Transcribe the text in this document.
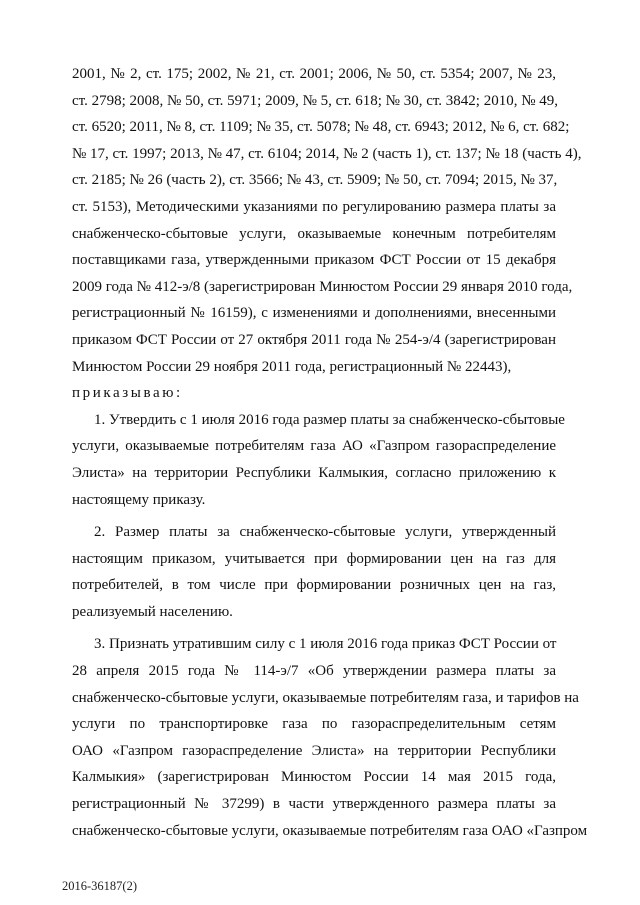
2001, № 2, ст. 175; 2002, № 21, ст. 2001; 2006, № 50, ст. 5354; 2007, № 23,
ст. 2798; 2008, № 50, ст. 5971; 2009, № 5, ст. 618; № 30, ст. 3842; 2010, № 49,
ст. 6520; 2011, № 8, ст. 1109; № 35, ст. 5078; № 48, ст. 6943; 2012, № 6, ст. 682;
№ 17, ст. 1997; 2013, № 47, ст. 6104; 2014, № 2 (часть 1), ст. 137; № 18 (часть 4),
ст. 2185; № 26 (часть 2), ст. 3566; № 43, ст. 5909; № 50, ст. 7094; 2015, № 37,
ст. 5153), Методическими указаниями по регулированию размера платы за
снабженческо-сбытовые услуги, оказываемые конечным потребителям
поставщиками газа, утвержденными приказом ФСТ России от 15 декабря
2009 года № 412-э/8 (зарегистрирован Минюстом России 29 января 2010 года,
регистрационный № 16159), с изменениями и дополнениями, внесенными
приказом ФСТ России от 27 октября 2011 года № 254-э/4 (зарегистрирован
Минюстом России 29 ноября 2011 года, регистрационный № 22443),
приказываю:
1. Утвердить с 1 июля 2016 года размер платы за снабженческо-сбытовые
услуги, оказываемые потребителям газа АО «Газпром газораспределение
Элиста» на территории Республики Калмыкия, согласно приложению к
настоящему приказу.
2. Размер платы за снабженческо-сбытовые услуги, утвержденный
настоящим приказом, учитывается при формировании цен на газ для
потребителей, в том числе при формировании розничных цен на газ,
реализуемый населению.
3. Признать утратившим силу с 1 июля 2016 года приказ ФСТ России от
28 апреля 2015 года № 114-э/7 «Об утверждении размера платы за
снабженческо-сбытовые услуги, оказываемые потребителям газа, и тарифов на
услуги по транспортировке газа по газораспределительным сетям
ОАО «Газпром газораспределение Элиста» на территории Республики
Калмыкия» (зарегистрирован Минюстом России 14 мая 2015 года,
регистрационный № 37299) в части утвержденного размера платы за
снабженческо-сбытовые услуги, оказываемые потребителям газа ОАО «Газпром
2016-36187(2)
